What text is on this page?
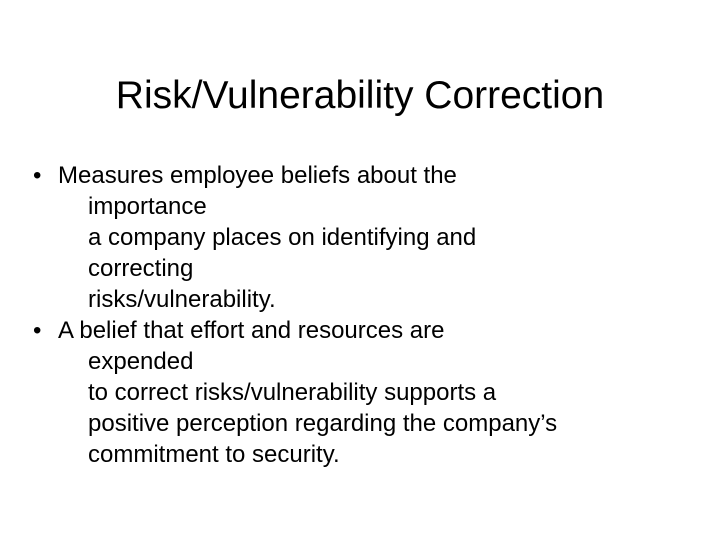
Risk/Vulnerability Correction
• Measures employee beliefs about the
importance
a company places on identifying and
correcting
risks/vulnerability.
• A belief that effort and resources are
expended
to correct risks/vulnerability supports a
positive perception regarding the company’s
commitment to security.
